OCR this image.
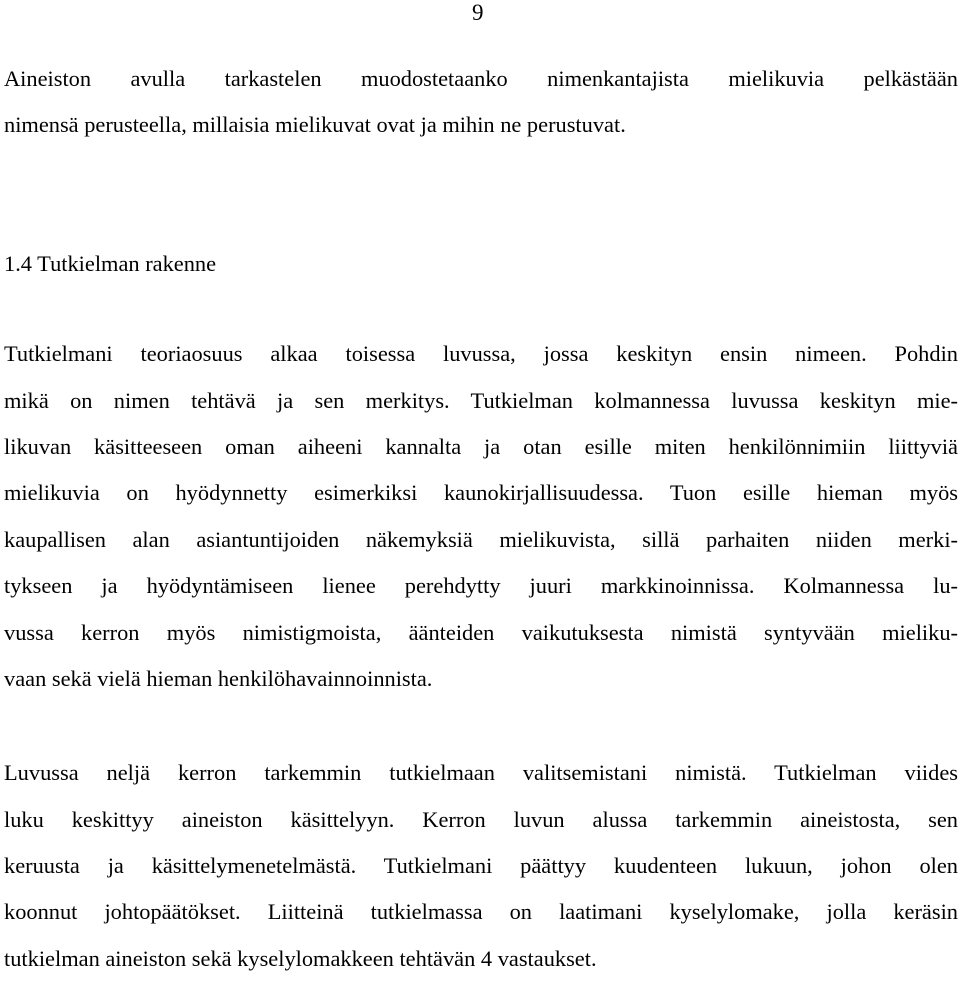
9
Aineiston avulla tarkastelen muodostetaanko nimenkantajista mielikuvia pelkästään
nimensä perusteella, millaisia mielikuvat ovat ja mihin ne perustuvat.
1.4 Tutkielman rakenne
Tutkielmani teoriaosuus alkaa toisessa luvussa, jossa keskityn ensin nimeen. Pohdin
mikä on nimen tehtävä ja sen merkitys. Tutkielman kolmannessa luvussa keskityn mie-
likuvan käsitteeseen oman aiheeni kannalta ja otan esille miten henkilönnimiin liittyviä
mielikuvia on hyödynnetty esimerkiksi kaunokirjallisuudessa. Tuon esille hieman myös
kaupallisen alan asiantuntijoiden näkemyksiä mielikuvista, sillä parhaiten niiden merki-
tykseen ja hyödyntämiseen lienee perehdytty juuri markkinoinnissa. Kolmannessa lu-
vussa kerron myös nimistigmoista, äänteiden vaikutuksesta nimistä syntyvään mieliku-
vaan sekä vielä hieman henkilöhavainnoinnista.
Luvussa neljä kerron tarkemmin tutkielmaan valitsemistani nimistä. Tutkielman viides
luku keskittyy aineiston käsittelyyn. Kerron luvun alussa tarkemmin aineistosta, sen
keruusta ja käsittelymenetelmästä. Tutkielmani päättyy kuudenteen lukuun, johon olen
koonnut johtopäätökset. Liitteinä tutkielmassa on laatimani kyselylomake, jolla keräsin
tutkielman aineiston sekä kyselylomakkeen tehtävän 4 vastaukset.
